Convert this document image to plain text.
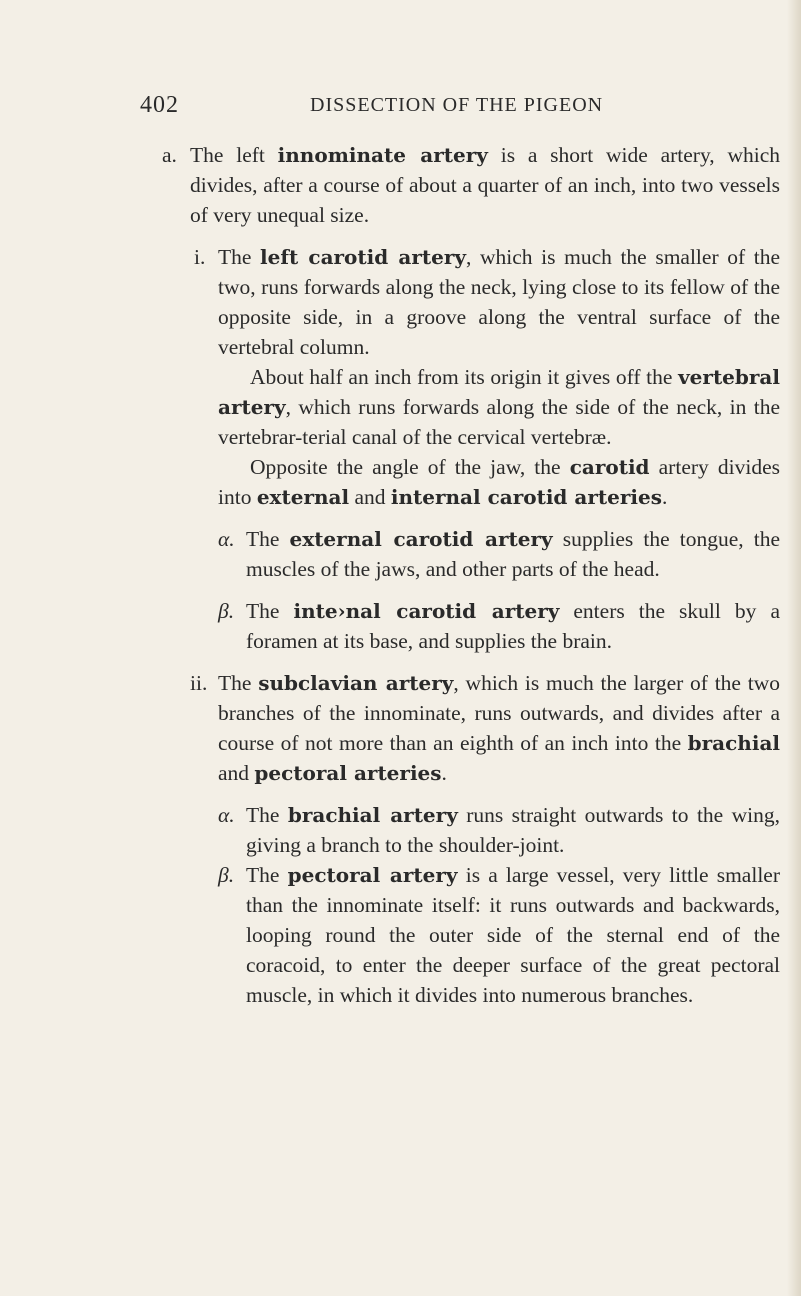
402	DISSECTION OF THE PIGEON
a. The left innominate artery is a short wide artery, which divides, after a course of about a quarter of an inch, into two vessels of very unequal size.

i. The left carotid artery, which is much the smaller of the two, runs forwards along the neck, lying close to its fellow of the opposite side, in a groove along the ventral surface of the vertebral column.

About half an inch from its origin it gives off the vertebral artery, which runs forwards along the side of the neck, in the vertebrar-terial canal of the cervical vertebræ.

Opposite the angle of the jaw, the carotid artery divides into external and internal carotid arteries.

α. The external carotid artery supplies the tongue, the muscles of the jaws, and other parts of the head.

β. The inte›nal carotid artery enters the skull by a foramen at its base, and supplies the brain.

ii. The subclavian artery, which is much the larger of the two branches of the innominate, runs outwards, and divides after a course of not more than an eighth of an inch into the brachial and pectoral arteries.

α. The brachial artery runs straight outwards to the wing, giving a branch to the shoulder-joint.

β. The pectoral artery is a large vessel, very little smaller than the innominate itself: it runs outwards and backwards, looping round the outer side of the sternal end of the coracoid, to enter the deeper surface of the great pectoral muscle, in which it divides into numerous branches.
